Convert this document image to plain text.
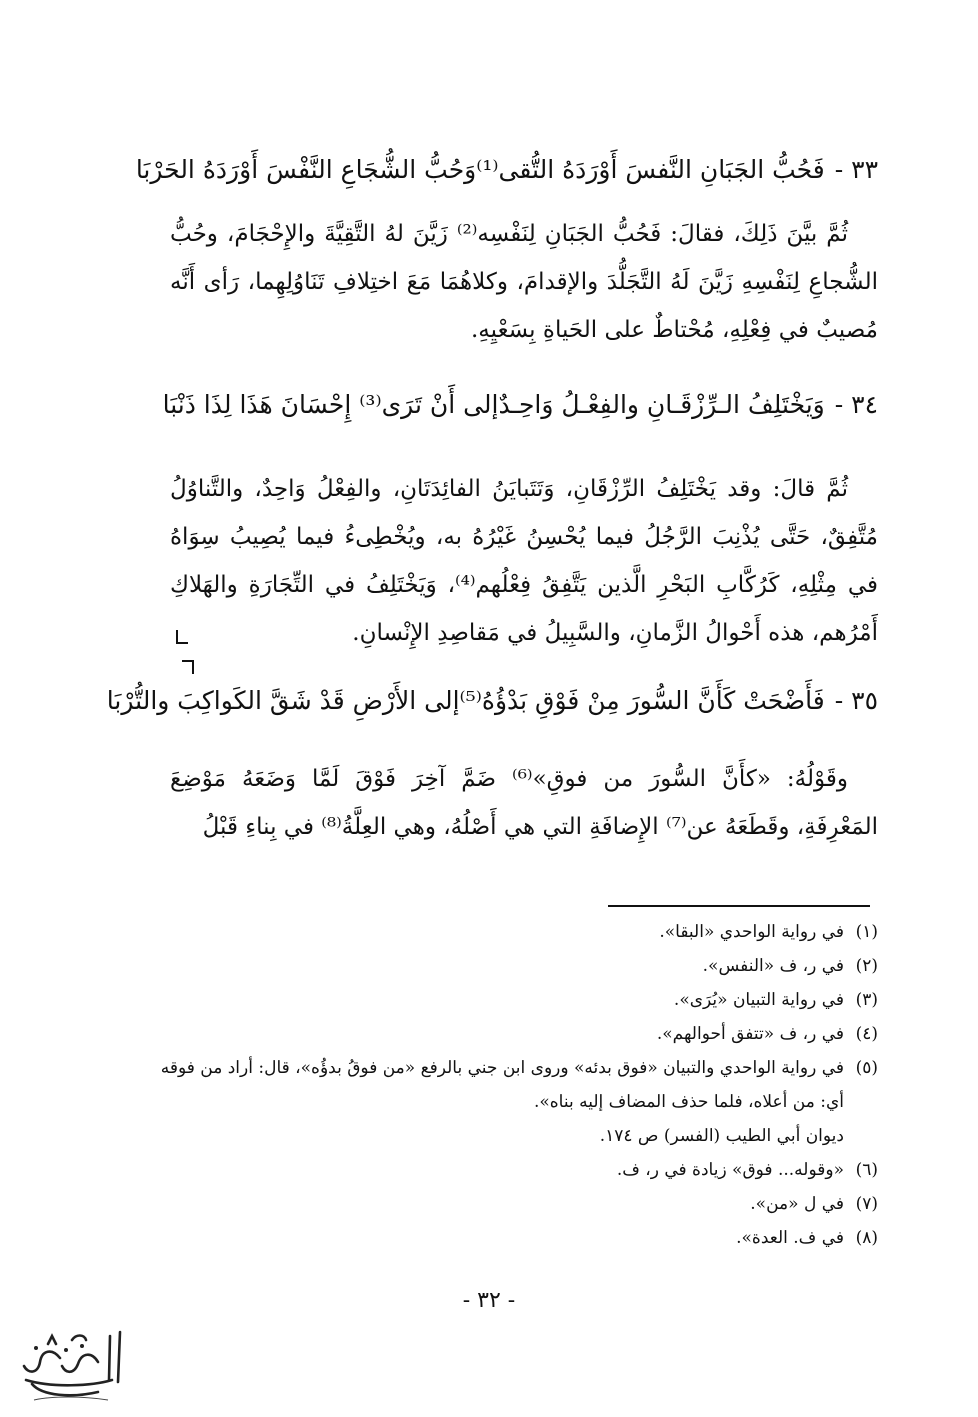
٣٣ -
فَحُبُّ الجَبَانِ النَّفسَ أَوْرَدَهُ التُّقى⁽¹⁾
وَحُبُّ الشُّجَاعِ النَّفْسَ أَوْرَدَهُ الحَرْبَا

ثُمَّ بيَّنَ ذَلِكَ، فقالَ: فَحُبُّ الجَبَانِ لِنَفْسِه⁽²⁾ زَيَّنَ لهُ التَّقِيَّةَ والإِحْجَامَ، وحُبُّ الشُّجاعِ لِنَفْسِهِ زَيَّنَ لَهُ التَّجَلُّدَ والإقدامَ، وكلاهُمَا مَعَ اختِلافِ تَنَاوُلِهِما، رَأى أَنَّه مُصيبٌ في فِعْلِهِ، مُحْتاطٌ على الحَياةِ بِسَعْيِهِ.

٣٤ -
وَيَخْتَلِفُ الـرِّزْقَـانِ والفِعْـلُ وَاحِـدٌ
إلى أَنْ تَرَى⁽³⁾ إِحْسَانَ هَذَا لِذَا ذَنْبَا

ثُمَّ قالَ: وقد يَخْتَلِفُ الرِّزْقَانِ، وَتَتَبايَنُ الفائِدَتَانِ، والفِعْلُ وَاحِدٌ، والتَّناوُلُ مُتَّفِقٌ، حَتَّى يُذْنِبَ الرَّجُلُ فيما يُحْسِنُ غَيْرُهُ به، ويُخْطِىءُ فيما يُصِيبُ سِوَاهُ في مِثْلِهِ، كَرُكَّابِ البَحْرِ الَّذين يَتَّفِقُ فِعْلُهم⁽⁴⁾، وَيَخْتَلِفُ في التِّجَارَةِ والهَلاكِ أَمْرُهم، هذه أَحْوالُ الزَّمانِ، والسَّبِيلُ في مَقاصِدِ الإِنْسانِ.

٣٥ -
فَأَضْحَتْ كَأَنَّ السُّورَ مِنْ فَوْقِ بَدْؤُهُ⁽⁵⁾
إلى الأَرْضِ قَدْ شَقَّ الكَواكِبَ والتُّرْبَا

وقَوْلُهُ: «كأَنَّ السُّورَ من فوقِ»⁽⁶⁾ ضَمَّ آخِرَ فَوْقَ لَمَّا وَضَعَهُ مَوْضِعَ المَعْرِفَةِ، وقَطَعَهُ عن⁽⁷⁾ الإِضافَةِ التي هي أَصْلُهُ، وهي العِلَّةُ⁽⁸⁾ في بِناءِ قَبْلُ

(١)
في رواية الواحدي «البقا».
(٢)
في ر، ف «النفس».
(٣)
في رواية التبيان «يُرَى».
(٤)
في ر، ف «تتفق أحوالهم».
(٥)
في رواية الواحدي والتبيان «فوق بدئه» وروى ابن جني بالرفع «من فوقُ بدؤُه»، قال: أراد من فوقه
أي: من أعلاه، فلما حذف المضاف إليه بناه».
ديوان أبي الطيب (الفسر) ص ١٧٤.
(٦)
«وقوله... فوق» زيادة في ر، ف.
(٧)
في ل «من».
(٨)
في ف. العدة».
- ٣٢ -
